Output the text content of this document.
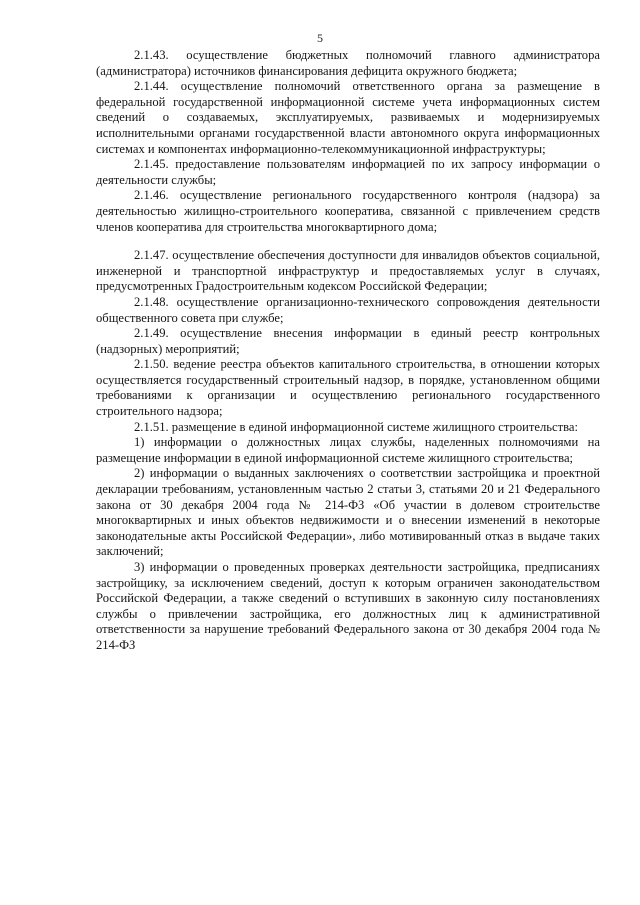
5

2.1.43. осуществление бюджетных полномочий главного администратора (администратора) источников финансирования дефицита окружного бюджета;

2.1.44. осуществление полномочий ответственного органа за размещение в федеральной государственной информационной системе учета информационных систем сведений о создаваемых, эксплуатируемых, развиваемых и модернизируемых исполнительными органами государственной власти автономного округа информационных системах и компонентах информационно-телекоммуникационной инфраструктуры;

2.1.45. предоставление пользователям информацией по их запросу информации о деятельности службы;

2.1.46. осуществление регионального государственного контроля (надзора) за деятельностью жилищно-строительного кооператива, связанной с привлечением средств членов кооператива для строительства многоквартирного дома;

2.1.47. осуществление обеспечения доступности для инвалидов объектов социальной, инженерной и транспортной инфраструктур и предоставляемых услуг в случаях, предусмотренных Градостроительным кодексом Российской Федерации;

2.1.48. осуществление организационно-технического сопровождения деятельности общественного совета при службе;

2.1.49. осуществление внесения информации в единый реестр контрольных (надзорных) мероприятий;

2.1.50. ведение реестра объектов капитального строительства, в отношении которых осуществляется государственный строительный надзор, в порядке, установленном общими требованиями к организации и осуществлению регионального государственного строительного надзора;

2.1.51. размещение в единой информационной системе жилищного строительства:

1) информации о должностных лицах службы, наделенных полномочиями на размещение информации в единой информационной системе жилищного строительства;

2) информации о выданных заключениях о соответствии застройщика и проектной декларации требованиям, установленным частью 2 статьи 3, статьями 20 и 21 Федерального закона от 30 декабря 2004 года № 214-ФЗ «Об участии в долевом строительстве многоквартирных и иных объектов недвижимости и о внесении изменений в некоторые законодательные акты Российской Федерации», либо мотивированный отказ в выдаче таких заключений;

3) информации о проведенных проверках деятельности застройщика, предписаниях застройщику, за исключением сведений, доступ к которым ограничен законодательством Российской Федерации, а также сведений о вступивших в законную силу постановлениях службы о привлечении застройщика, его должностных лиц к административной ответственности за нарушение требований Федерального закона от 30 декабря 2004 года № 214-ФЗ
